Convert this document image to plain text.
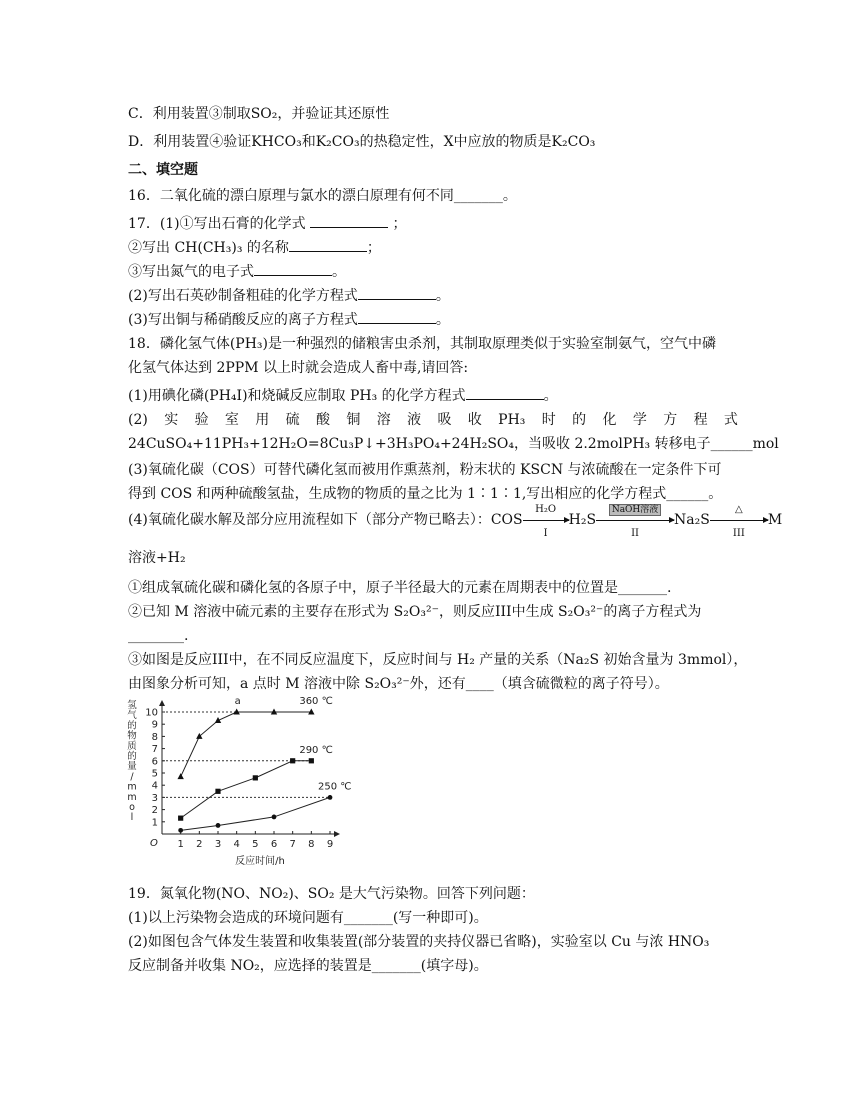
C．利用装置③制取SO₂，并验证其还原性
D．利用装置④验证KHCO₃和K₂CO₃的热稳定性，X中应放的物质是K₂CO₃
二、填空题
16．二氧化硫的漂白原理与氯水的漂白原理有何不同_______。
17．(1)①写出石膏的化学式	；
②写出 CH(CH₃)₃ 的名称	；
③写出氮气的电子式	。
(2)写出石英砂制备粗硅的化学方程式	。
(3)写出铜与稀硝酸反应的离子方程式	。
18．磷化氢气体(PH₃)是一种强烈的储粮害虫杀剂，其制取原理类似于实验室制氨气，空气中磷
化氢气体达到 2PPM 以上时就会造成人畜中毒,请回答:
(1)用碘化磷(PH₄I)和烧碱反应制取 PH₃ 的化学方程式	。
(2) 实 验 室 用 硫 酸 铜 溶 液 吸 收 PH₃ 时 的 化 学 方 程 式
24CuSO₄+11PH₃+12H₂O=8Cu₃P↓+3H₃PO₄+24H₂SO₄，当吸收 2.2molPH₃ 转移电子______mol
(3)氧硫化碳（COS）可替代磷化氢而被用作熏蒸剂，粉末状的 KSCN 与浓硫酸在一定条件下可
得到 COS 和两种硫酸氢盐，生成物的物质的量之比为 1∶1∶1,写出相应的化学方程式______。
(4)氧硫化碳水解及部分应用流程如下（部分产物已略去）：COS $\frac{\text{H₂O}}{I} H_2S$
NaOH溶液
II
Na₂S
△
III
M
溶液+H₂
①组成氧硫化碳和磷化氢的各原子中，原子半径最大的元素在周期表中的位置是_______.
②已知 M 溶液中硫元素的主要存在形式为 S₂O₃²⁻，则反应III中生成 S₂O₃²⁻的离子方程式为
________.
③如图是反应III中，在不同反应温度下，反应时间与 H₂ 产量的关系（Na₂S 初始含量为 3mmol），
由图象分析可知，a 点时 M 溶液中除 S₂O₃²⁻外，还有____（填含硫微粒的离子符号）。
O 1 2 3 4 5 6 7 8 9
1
2
3
4
5
6
7
8
9
10
氢
气
的
物
质
的
量
/
m
m
o
l
反应时间/h
360 ℃
290 ℃
250 ℃
a
19．氮氧化物(NO、NO₂)、SO₂ 是大气污染物。回答下列问题：
(1)以上污染物会造成的环境问题有_______(写一种即可)。
(2)如图包含气体发生装置和收集装置(部分装置的夹持仪器已省略)，实验室以 Cu 与浓 HNO₃
反应制备并收集 NO₂，应选择的装置是_______(填字母)。
